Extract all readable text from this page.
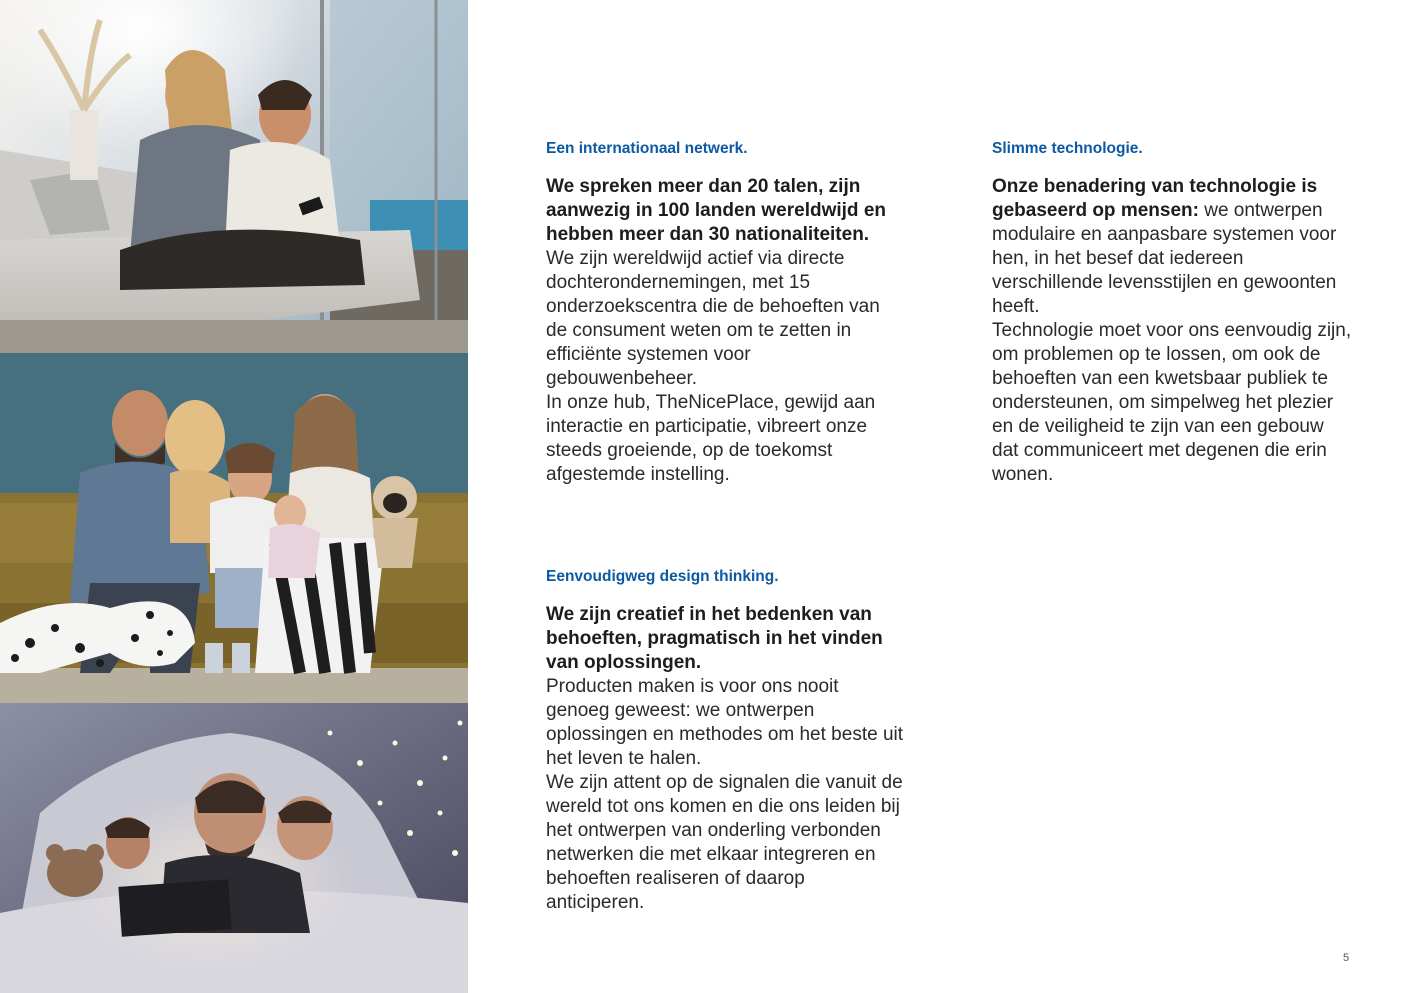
Een internationaal netwerk.

We spreken meer dan 20 talen, zijn aanwezig in 100 landen wereldwijd en hebben meer dan 30 nationaliteiten.
We zijn wereldwijd actief via directe dochterondernemingen, met 15 onderzoekscentra die de behoeften van de consument weten om te zetten in efficiënte systemen voor gebouwenbeheer.
In onze hub, TheNicePlace, gewijd aan interactie en participatie, vibreert onze steeds groeiende, op de toekomst afgestemde instelling.

Slimme technologie.

Onze benadering van technologie is gebaseerd op mensen: we ontwerpen modulaire en aanpasbare systemen voor hen, in het besef dat iedereen verschillende levensstijlen en gewoonten heeft.
Technologie moet voor ons eenvoudig zijn, om problemen op te lossen, om ook de behoeften van een kwetsbaar publiek te ondersteunen, om simpelweg het plezier en de veiligheid te zijn van een gebouw dat communiceert met degenen die erin wonen.

Eenvoudigweg design thinking.

We zijn creatief in het bedenken van behoeften, pragmatisch in het vinden van oplossingen.
Producten maken is voor ons nooit genoeg geweest: we ontwerpen oplossingen en methodes om het beste uit het leven te halen.
We zijn attent op de signalen die vanuit de wereld tot ons komen en die ons leiden bij het ontwerpen van onderling verbonden netwerken die met elkaar integreren en behoeften realiseren of daarop anticiperen.

5
